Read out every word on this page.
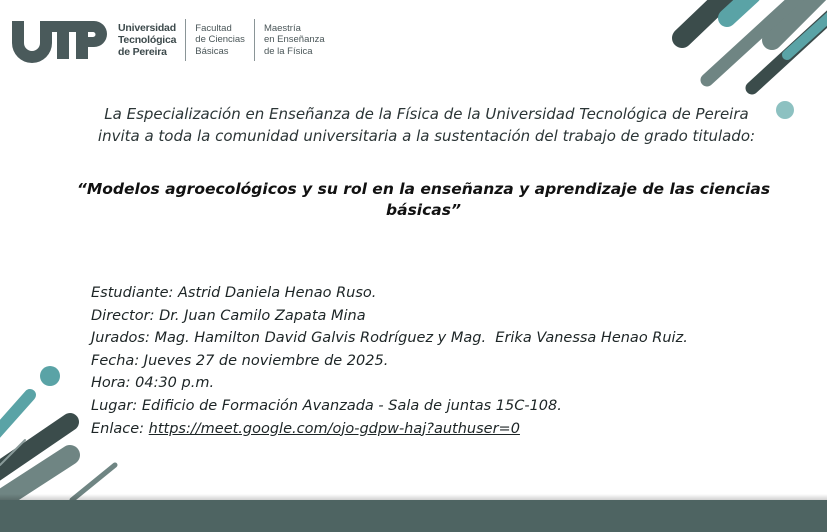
Universidad
Tecnológica
de Pereira
Facultad
de Ciencias
Básicas
Maestría
en Enseñanza
de la Física
La Especialización en Enseñanza de la Física de la Universidad Tecnológica de Pereira
invita a toda la comunidad universitaria a la sustentación del trabajo de grado titulado:
“Modelos agroecológicos y su rol en la enseñanza y aprendizaje de las ciencias
básicas”
Estudiante: Astrid Daniela Henao Ruso.
Director: Dr. Juan Camilo Zapata Mina
Jurados: Mag. Hamilton David Galvis Rodríguez y Mag.  Erika Vanessa Henao Ruiz.
Fecha: Jueves 27 de noviembre de 2025.
Hora: 04:30 p.m.
Lugar: Edificio de Formación Avanzada - Sala de juntas 15C-108.
Enlace: https://meet.google.com/ojo-gdpw-haj?authuser=0
